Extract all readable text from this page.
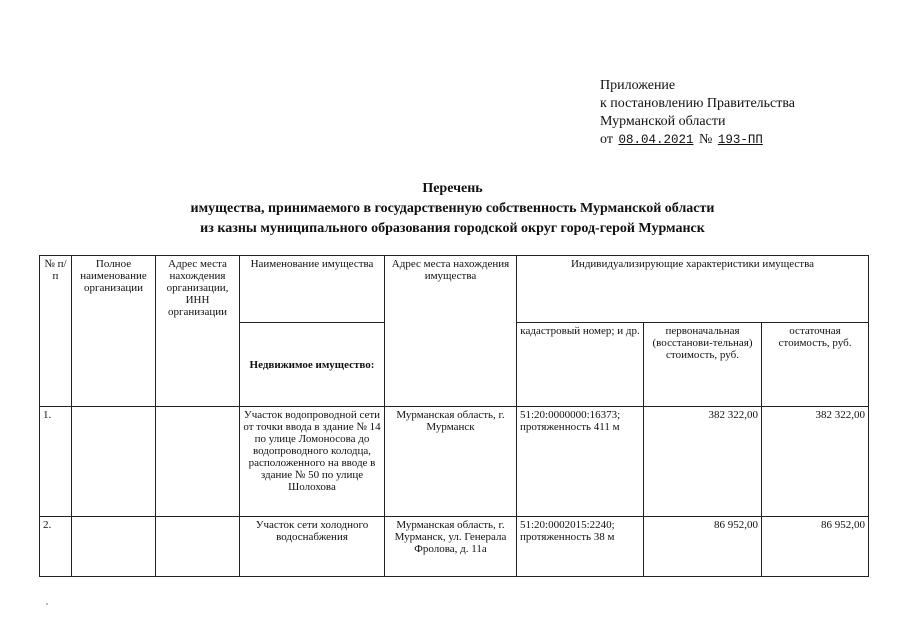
Приложение
к постановлению Правительства
Мурманской области
от 08.04.2021 № 193-ПП
Перечень
имущества, принимаемого в государственную собственность Мурманской области
из казны муниципального образования городской округ город-герой Мурманск
№ п/п	Полное наименование организации	Адрес места нахождения организации, ИНН организации	Наименование имущества	Адрес места нахождения имущества	Индивидуализирующие характеристики имущества		
			Недвижимое имущество:		кадастровый номер; и др.	первоначальная (восстанови-тельная) стоимость, руб.	остаточная стоимость, руб.
1.			Участок водопроводной сети от точки ввода в здание № 14 по улице Ломоносова до водопроводного колодца, расположенного на вводе в здание № 50 по улице Шолохова	Мурманская область, г. Мурманск	51:20:0000000:16373; протяженность 411 м	382 322,00	382 322,00
2.			Участок сети холодного водоснабжения	Мурманская область, г. Мурманск, ул. Генерала Фролова, д. 11а	51:20:0002015:2240; протяженность 38 м	86 952,00	86 952,00
